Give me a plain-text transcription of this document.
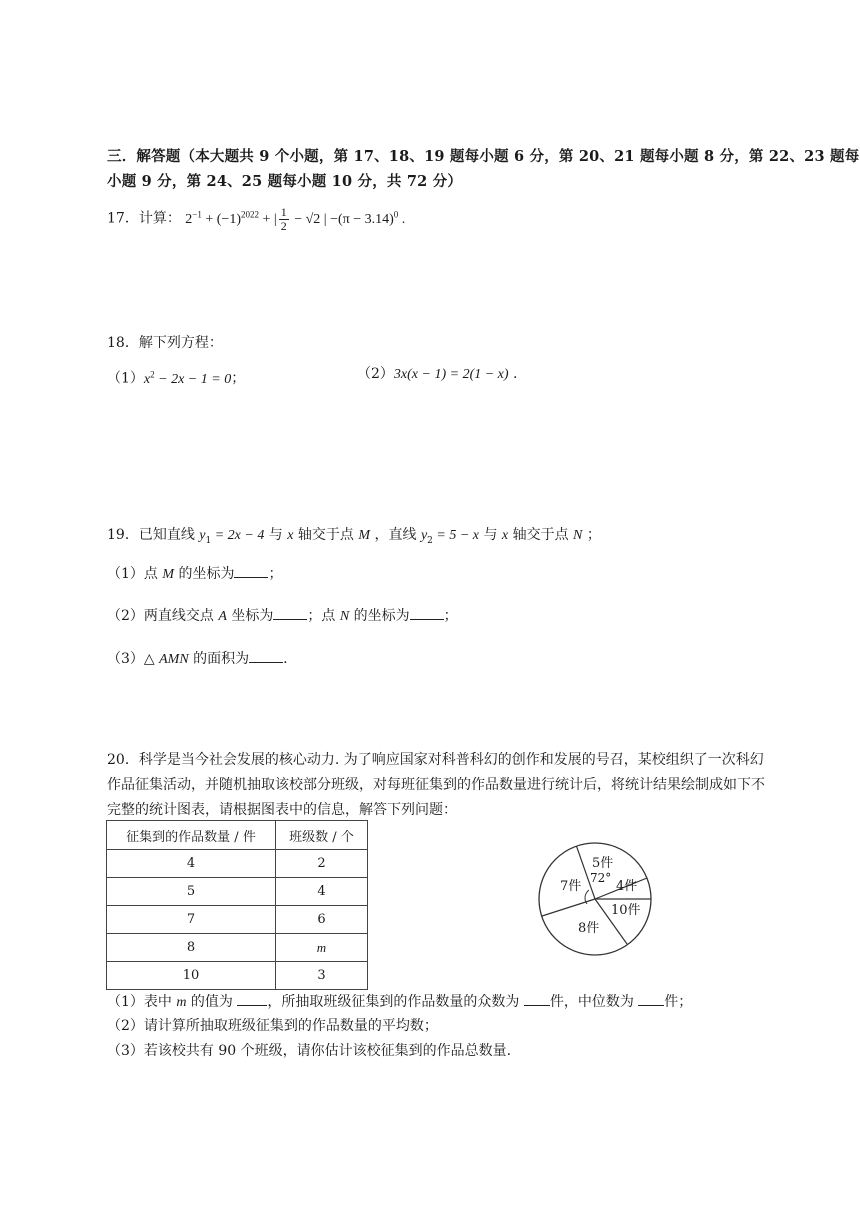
三．解答题（本大题共 9 个小题，第 17、18、19 题每小题 6 分，第 20、21 题每小题 8 分，第 22、23 题每
小题 9 分，第 24、25 题每小题 10 分，共 72 分）
17．计算： $2^{-1} + (-1)^{2022}$ + | $\frac{1}{2} - √2$ | $-(\pi - 3.14)^0$ .
18．解下列方程：
$(1)x^2 - 2x - 1 = 0$；	（2）3x(x − 1) = 2(1 − x) .
19．已知直线 $y_1 = 2x - 4$ 与 x 轴交于点 M ，直线 $y_2 = 5 - x$ 与 x 轴交于点 N ；
（1）点 M 的坐标为 ；
（2）两直线交点 A 坐标为 ；点 N 的坐标为 ；
（3）△ AMN 的面积为 .
20．科学是当今社会发展的核心动力. 为了响应国家对科普科幻的创作和发展的号召，某校组织了一次科幻
作品征集活动，并随机抽取该校部分班级，对每班征集到的作品数量进行统计后，将统计结果绘制成如下不
完整的统计图表，请根据图表中的信息，解答下列问题：
征集到的作品数量 / 件	班级数 / 个
4	2
5	4
7	6
8	m
10	3
5件
4件
10件
8件
7件
72°
（1）表中 m 的值为 ，所抽取班级征集到的作品数量的众数为 件，中位数为 件；
（2）请计算所抽取班级征集到的作品数量的平均数；
（3）若该校共有 90 个班级，请你估计该校征集到的作品总数量.
